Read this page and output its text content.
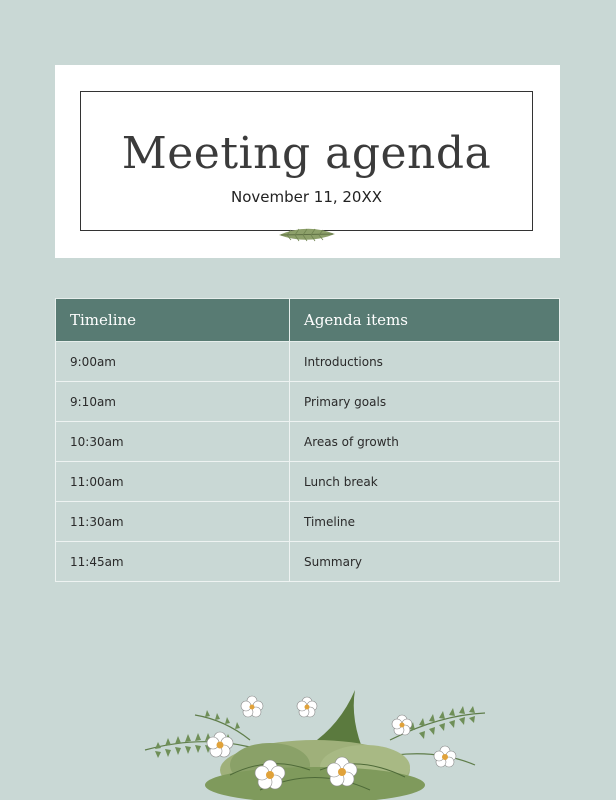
Meeting agenda
November 11, 20XX
Timeline	Agenda items
9:00am	Introductions
9:10am	Primary goals
10:30am	Areas of growth
11:00am	Lunch break
11:30am	Timeline
11:45am	Summary
